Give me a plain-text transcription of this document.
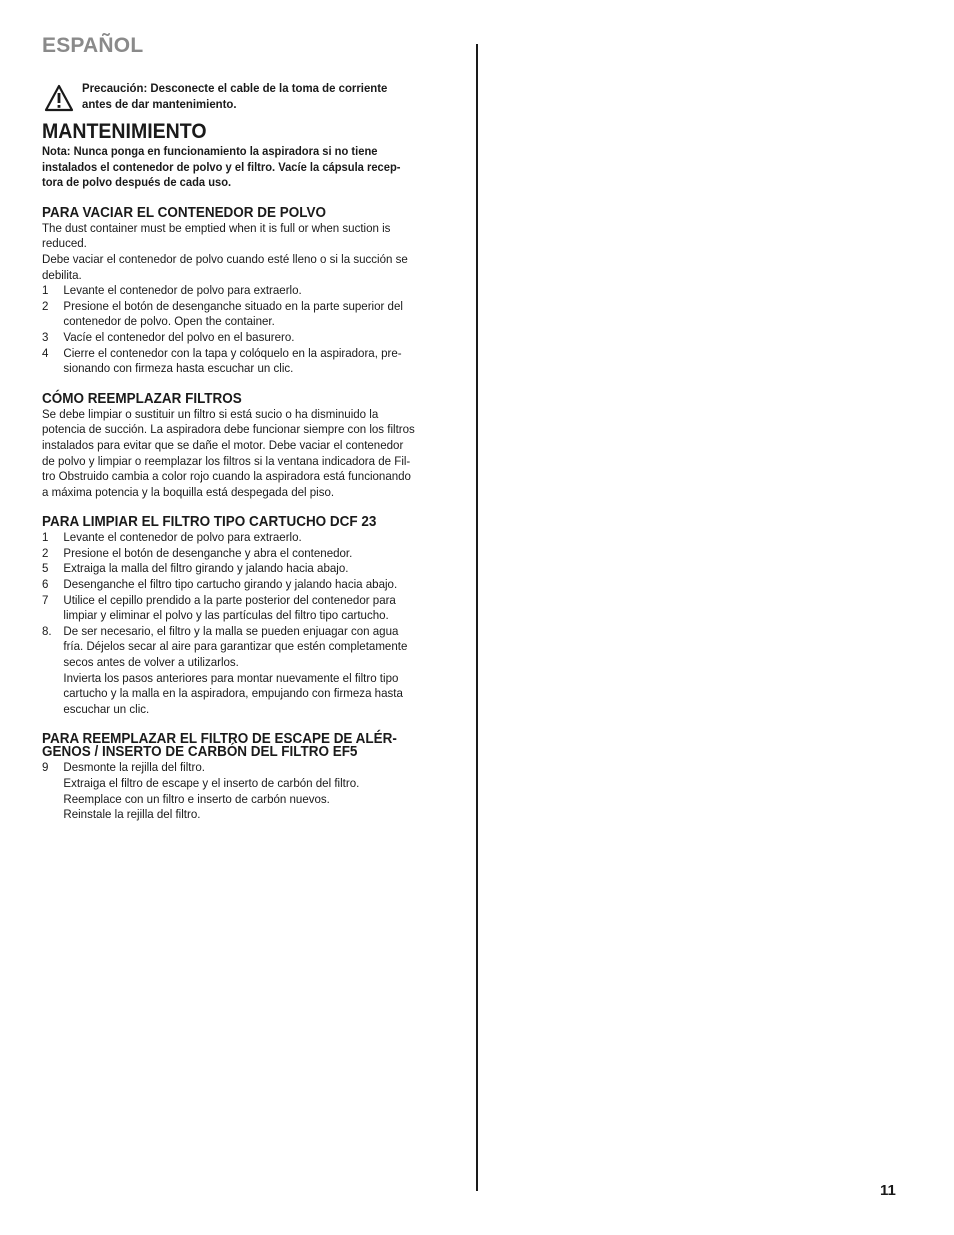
ESPAÑOL
Precaución: Desconecte el cable de la toma de corriente
antes de dar mantenimiento.
MANTENIMIENTO
Nota: Nunca ponga en funcionamiento la aspiradora si no tiene
instalados el contenedor de polvo y el filtro. Vacíe la cápsula recep-
tora de polvo después de cada uso.
PARA VACIAR EL CONTENEDOR DE POLVO
The dust container must be emptied when it is full or when suction is
reduced.
Debe vaciar el contenedor de polvo cuando esté lleno o si la succión se
debilita.
1 Levante el contenedor de polvo para extraerlo.
2 Presione el botón de desenganche situado en la parte superior del
contenedor de polvo. Open the container.
3 Vacíe el contenedor del polvo en el basurero.
4 Cierre el contenedor con la tapa y colóquelo en la aspiradora, pre-
sionando con firmeza hasta escuchar un clic.
CÓMO REEMPLAZAR FILTROS
Se debe limpiar o sustituir un filtro si está sucio o ha disminuido la
potencia de succión. La aspiradora debe funcionar siempre con los filtros
instalados para evitar que se dañe el motor. Debe vaciar el contenedor
de polvo y limpiar o reemplazar los filtros si la ventana indicadora de Fil-
tro Obstruido cambia a color rojo cuando la aspiradora está funcionando
a máxima potencia y la boquilla está despegada del piso.
PARA LIMPIAR EL FILTRO TIPO CARTUCHO DCF 23
1 Levante el contenedor de polvo para extraerlo.
2 Presione el botón de desenganche y abra el contenedor.
5 Extraiga la malla del filtro girando y jalando hacia abajo.
6 Desenganche el filtro tipo cartucho girando y jalando hacia abajo.
7 Utilice el cepillo prendido a la parte posterior del contenedor para
limpiar y eliminar el polvo y las partículas del filtro tipo cartucho.
8. De ser necesario, el filtro y la malla se pueden enjuagar con agua
fría. Déjelos secar al aire para garantizar que estén completamente
secos antes de volver a utilizarlos.
Invierta los pasos anteriores para montar nuevamente el filtro tipo
cartucho y la malla en la aspiradora, empujando con firmeza hasta
escuchar un clic.
PARA REEMPLAZAR EL FILTRO DE ESCAPE DE ALÉR-
GENOS / INSERTO DE CARBÓN DEL FILTRO EF5
9 Desmonte la rejilla del filtro.
Extraiga el filtro de escape y el inserto de carbón del filtro.
Reemplace con un filtro e inserto de carbón nuevos.
Reinstale la rejilla del filtro.
11
